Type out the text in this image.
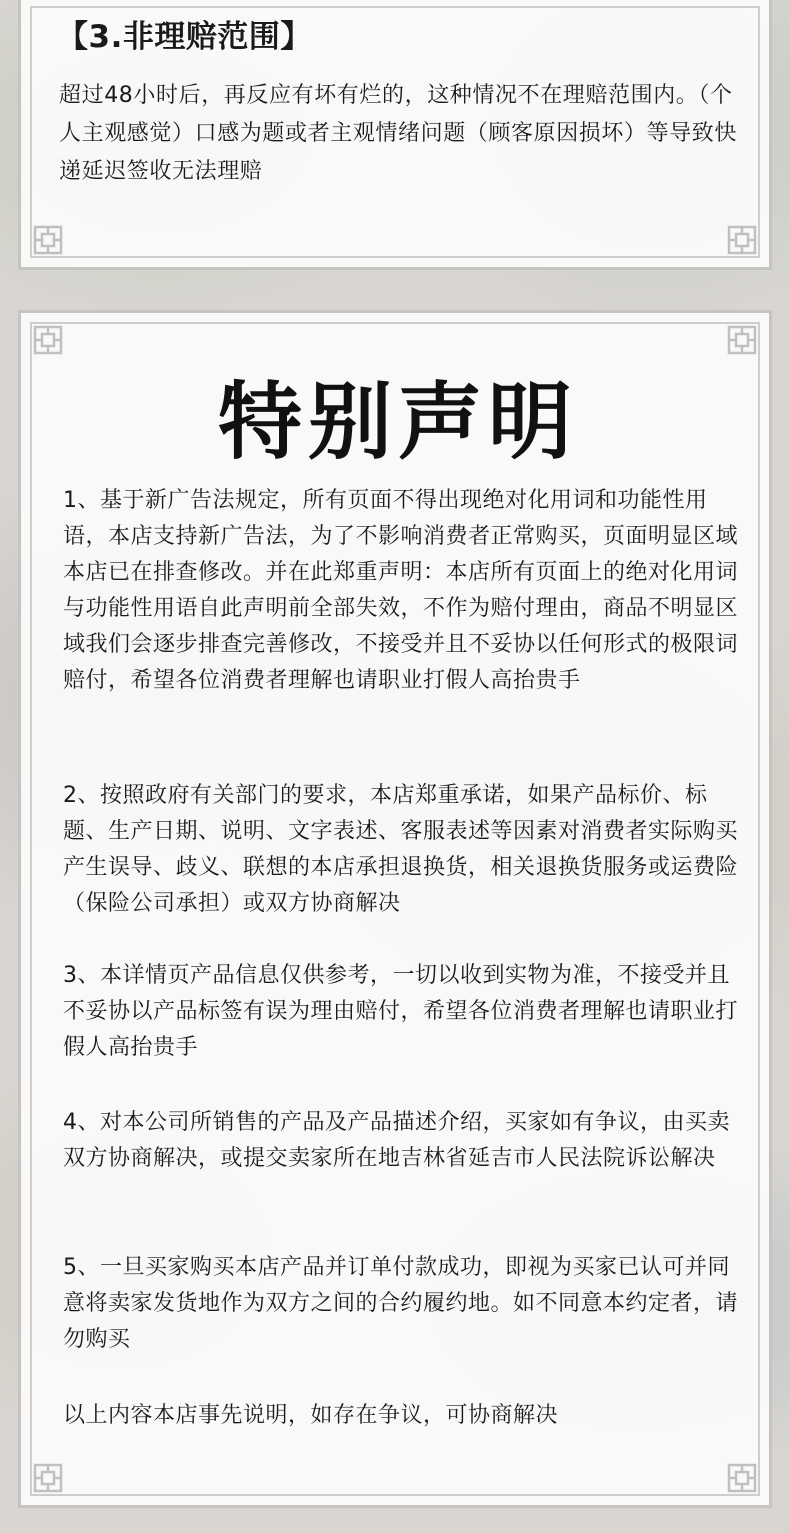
【3.非理赔范围】
超过48小时后，再反应有坏有烂的，这种情况不在理赔范围内。（个人主观感觉）口感为题或者主观情绪问题（顾客原因损坏）等导致快递延迟签收无法理赔
特别声明

1、基于新广告法规定，所有页面不得出现绝对化用词和功能性用语，本店支持新广告法，为了不影响消费者正常购买，页面明显区域本店已在排查修改。并在此郑重声明：本店所有页面上的绝对化用词与功能性用语自此声明前全部失效，不作为赔付理由，商品不明显区域我们会逐步排查完善修改，不接受并且不妥协以任何形式的极限词赔付，希望各位消费者理解也请职业打假人高抬贵手

2、按照政府有关部门的要求，本店郑重承诺，如果产品标价、标题、生产日期、说明、文字表述、客服表述等因素对消费者实际购买产生误导、歧义、联想的本店承担退换货，相关退换货服务或运费险（保险公司承担）或双方协商解决

3、本详情页产品信息仅供参考，一切以收到实物为准，不接受并且不妥协以产品标签有误为理由赔付，希望各位消费者理解也请职业打假人高抬贵手

4、对本公司所销售的产品及产品描述介绍，买家如有争议，由买卖双方协商解决，或提交卖家所在地吉林省延吉市人民法院诉讼解决

5、一旦买家购买本店产品并订单付款成功，即视为买家已认可并同意将卖家发货地作为双方之间的合约履约地。如不同意本约定者，请勿购买

以上内容本店事先说明，如存在争议，可协商解决
